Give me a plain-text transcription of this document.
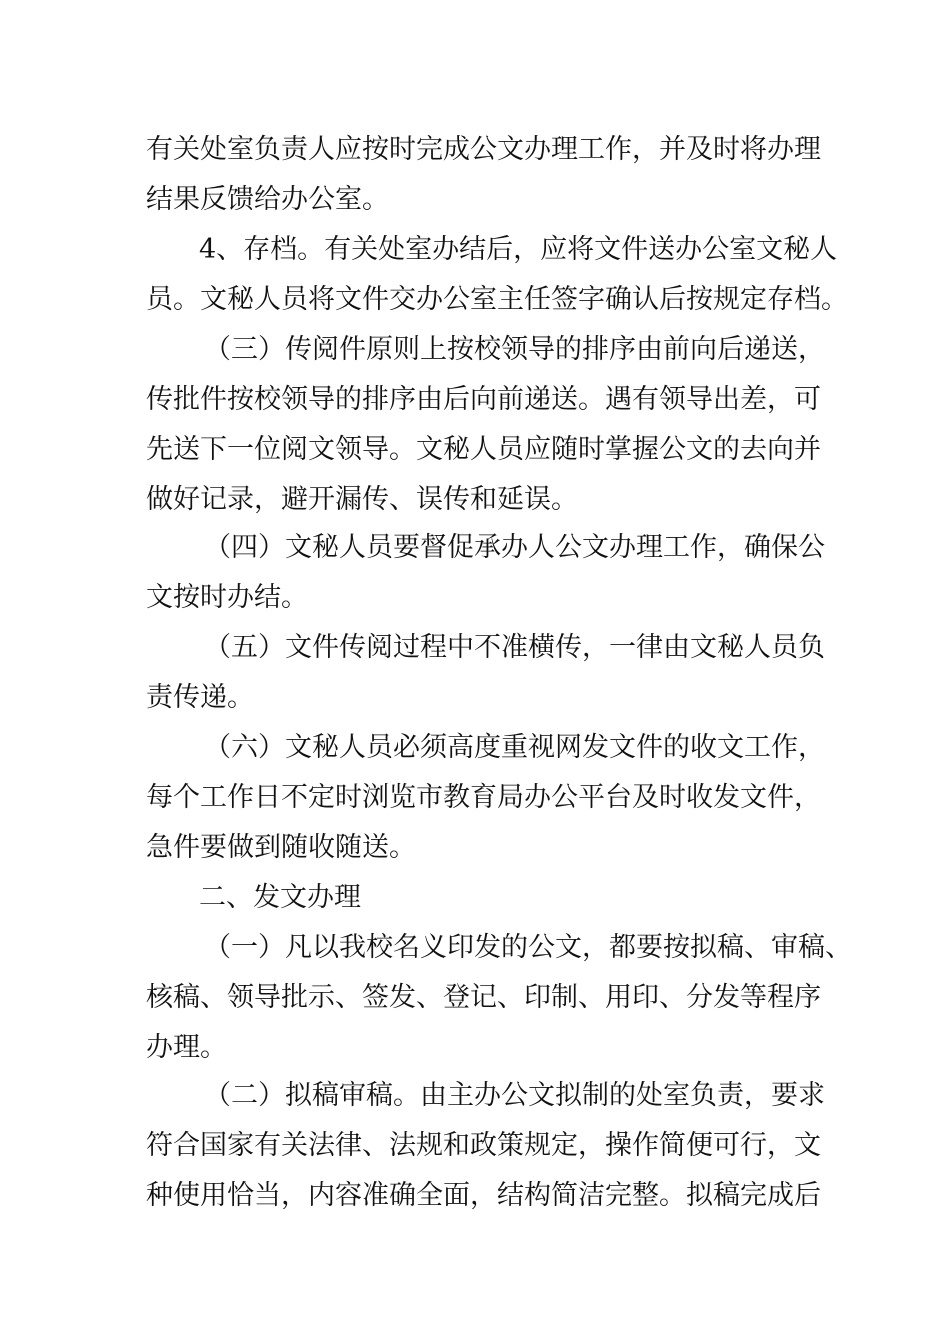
有关处室负责人应按时完成公文办理工作，并及时将办理

结果反馈给办公室。

4、存档。有关处室办结后，应将文件送办公室文秘人

员。文秘人员将文件交办公室主任签字确认后按规定存档。

（三）传阅件原则上按校领导的排序由前向后递送，

传批件按校领导的排序由后向前递送。遇有领导出差，可

先送下一位阅文领导。文秘人员应随时掌握公文的去向并

做好记录，避开漏传、误传和延误。

（四）文秘人员要督促承办人公文办理工作，确保公

文按时办结。

（五）文件传阅过程中不准横传，一律由文秘人员负

责传递。

（六）文秘人员必须高度重视网发文件的收文工作，

每个工作日不定时浏览市教育局办公平台及时收发文件，

急件要做到随收随送。

二、发文办理

（一）凡以我校名义印发的公文，都要按拟稿、审稿、

核稿、领导批示、签发、登记、印制、用印、分发等程序

办理。

（二）拟稿审稿。由主办公文拟制的处室负责，要求

符合国家有关法律、法规和政策规定，操作简便可行，文

种使用恰当，内容准确全面，结构简洁完整。拟稿完成后
